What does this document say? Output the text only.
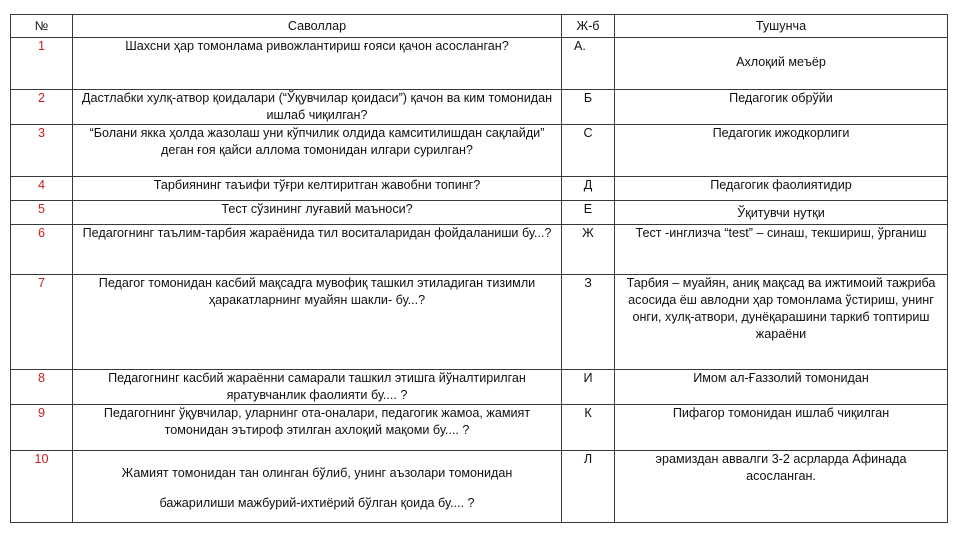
№	Саволлар	Ж-б	Тушунча
1	Шахсни ҳар томонлама ривожлантириш ғояси қачон асосланган?	А.	Ахлоқий меъёр
2	Дастлабки хулқ-атвор қоидалари (“Ўқувчилар қоидаси”) қачон ва ким томонидан ишлаб чиқилган?	Б	Педагогик обрўйи
3	“Болани якка ҳолда жазолаш уни кўпчилик олдида камситилишдан сақлайди” деган ғоя қайси аллома томонидан илгари сурилган?	С	Педагогик ижодкорлиги
4	Тарбиянинг таъифи тўғри келтиритган жавобни топинг?	Д	Педагогик фаолиятидир
5	Тест сўзининг луғавий маъноси?	Е	Ўқитувчи нутқи
6	Педагогнинг таълим-тарбия жараёнида тил воситаларидан фойдаланиши бу...?	Ж	Тест -инглизча “test” – синаш, текшириш, ўрганиш
7	Педагог томонидан касбий мақсадга мувофиқ ташкил этиладиган тизимли ҳаракатларнинг муайян шакли- бу...?	З	Тарбия – муайян, аниқ мақсад ва ижтимоий тажриба асосида ёш авлодни ҳар томонлама ўстириш, унинг онги, хулқ-атвори, дунёқарашини таркиб топтириш жараёни
8	Педагогнинг касбий жараённи самарали ташкил этишга йўналтирилган яратувчанлик фаолияти бу.... ?	И	Имом ал-Ғаззолий томонидан
9	Педагогнинг ўқувчилар, уларнинг ота-оналари, педагогик жамоа, жамият томонидан эътироф этилган ахлоқий мақоми бу.... ?	К	Пифагор томонидан ишлаб чиқилган
10	Жамият томонидан тан олинган бўлиб, унинг аъзолари томонидан
бажарилиши мажбурий-ихтиёрий бўлган қоида бу.... ?	Л	эрамиздан аввалги 3-2 асрларда Афинада асосланган.
